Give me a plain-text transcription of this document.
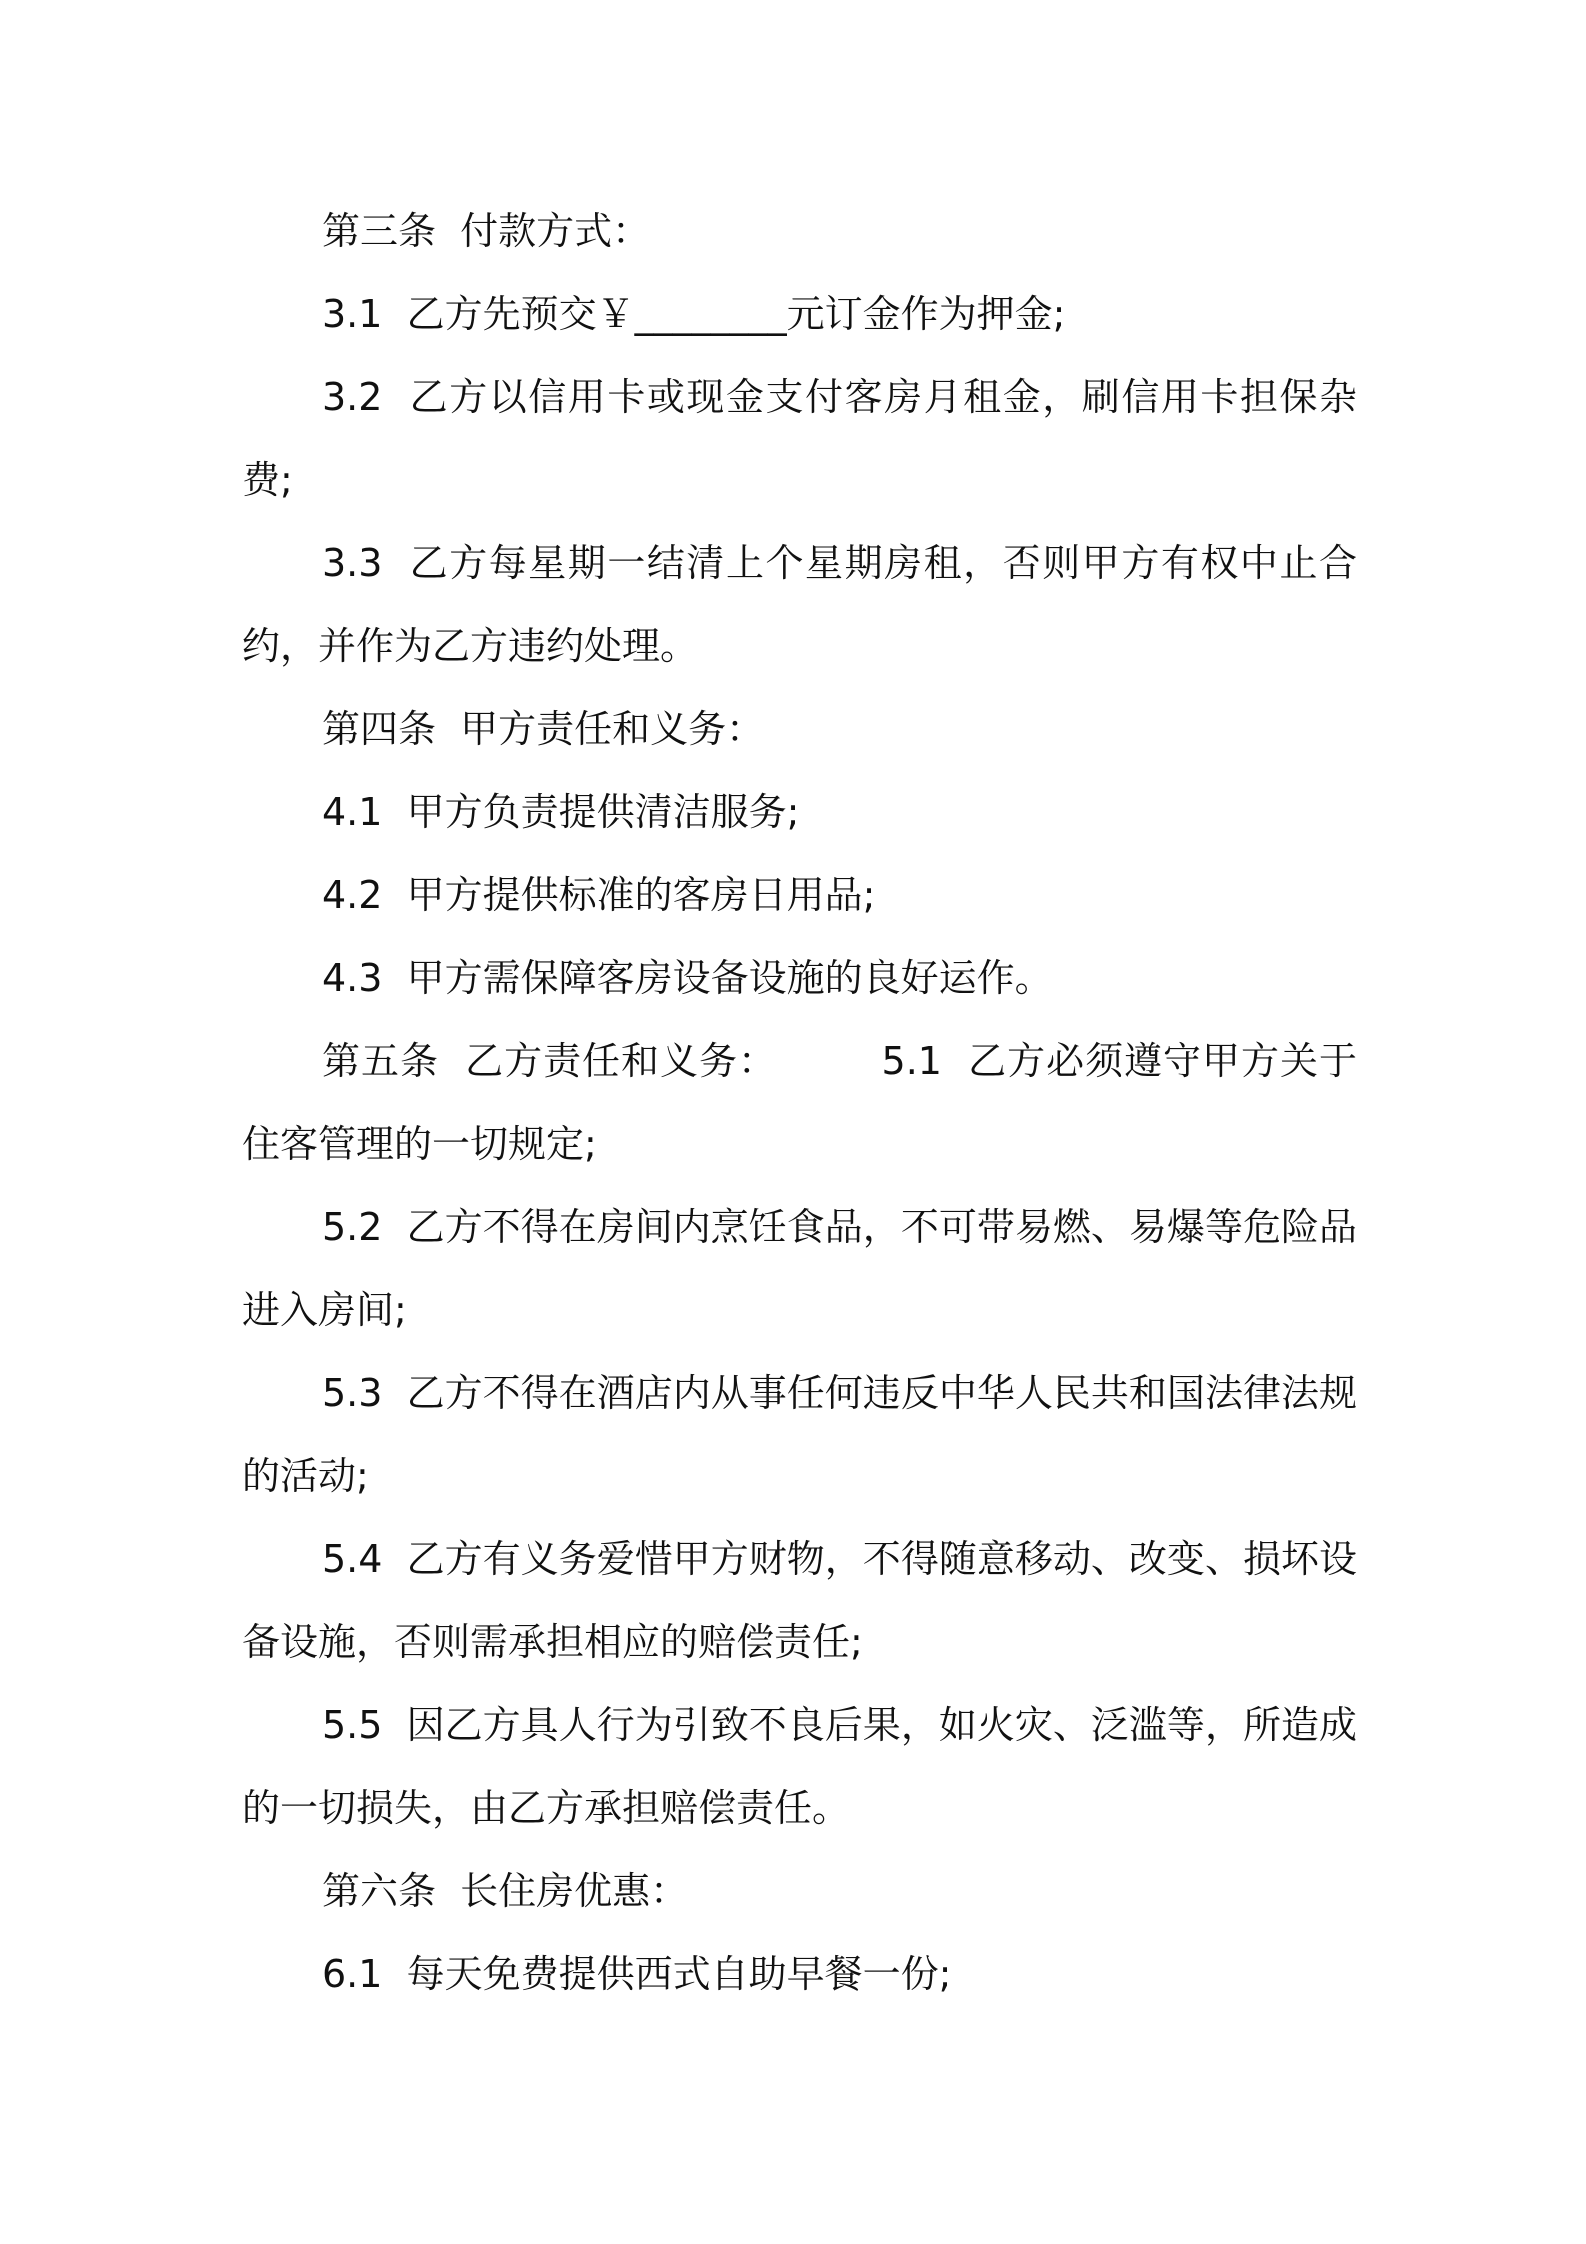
第三条  付款方式：

3.1  乙方先预交￥________元订金作为押金;

3.2  乙方以信用卡或现金支付客房月租金，刷信用卡担保杂费;

3.3  乙方每星期一结清上个星期房租，否则甲方有权中止合约，并作为乙方违约处理。

第四条  甲方责任和义务：

4.1  甲方负责提供清洁服务;

4.2  甲方提供标准的客房日用品;

4.3  甲方需保障客房设备设施的良好运作。

第五条  乙方责任和义务：        5.1  乙方必须遵守甲方关于住客管理的一切规定;

5.2  乙方不得在房间内烹饪食品，不可带易燃、易爆等危险品进入房间;

5.3  乙方不得在酒店内从事任何违反中华人民共和国法律法规的活动;

5.4  乙方有义务爱惜甲方财物，不得随意移动、改变、损坏设备设施，否则需承担相应的赔偿责任;

5.5  因乙方具人行为引致不良后果，如火灾、泛滥等，所造成的一切损失，由乙方承担赔偿责任。

第六条  长住房优惠：

6.1  每天免费提供西式自助早餐一份;
